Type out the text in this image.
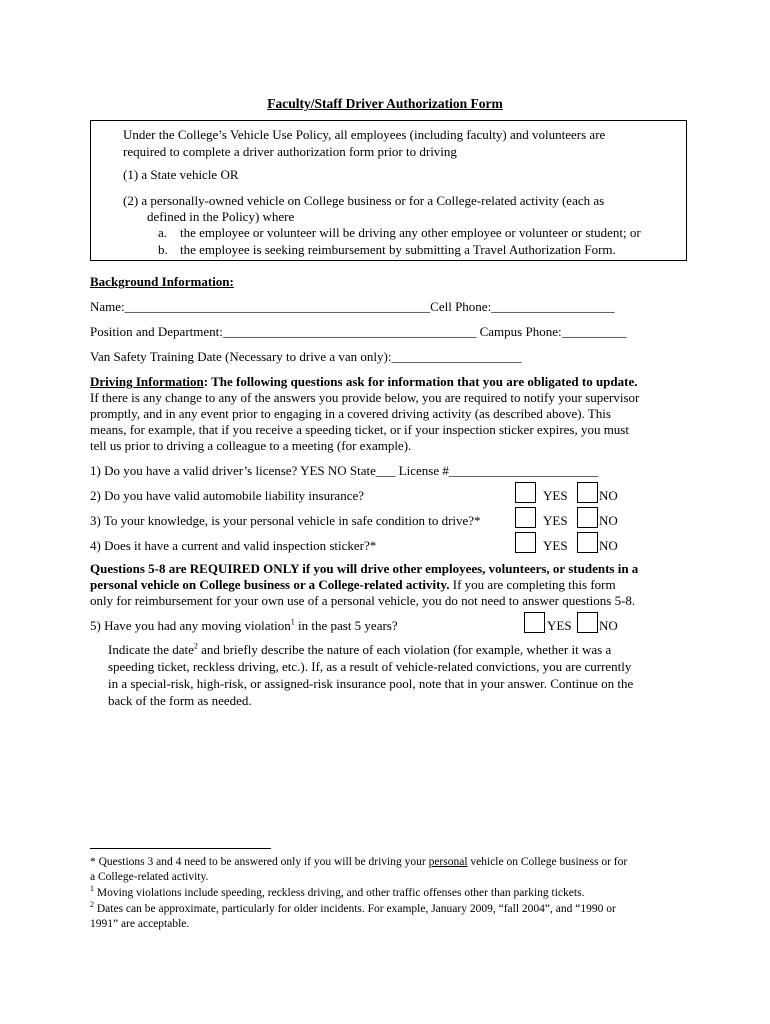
Faculty/Staff Driver Authorization Form
Under the College’s Vehicle Use Policy, all employees (including faculty) and volunteers are
required to complete a driver authorization form prior to driving
(1) a State vehicle OR
(2) a personally-owned vehicle on College business or for a College-related activity (each as
defined in the Policy) where
a. the employee or volunteer will be driving any other employee or volunteer or student; or
b. the employee is seeking reimbursement by submitting a Travel Authorization Form.
Background Information:
Name:_______________________________________________Cell Phone:___________________
Position and Department:_______________________________________ Campus Phone:__________
Van Safety Training Date (Necessary to drive a van only):____________________
Driving Information: The following questions ask for information that you are obligated to update.
If there is any change to any of the answers you provide below, you are required to notify your supervisor
promptly, and in any event prior to engaging in a covered driving activity (as described above). This
means, for example, that if you receive a speeding ticket, or if your inspection sticker expires, you must
tell us prior to driving a colleague to a meeting (for example).
1) Do you have a valid driver’s license? YES NO State___ License #_______________________
2) Do you have valid automobile liability insurance?	YES NO
3) To your knowledge, is your personal vehicle in safe condition to drive?*	YES NO
4) Does it have a current and valid inspection sticker?*	YES NO
Questions 5-8 are REQUIRED ONLY if you will drive other employees, volunteers, or students in a
personal vehicle on College business or a College-related activity. If you are completing this form
only for reimbursement for your own use of a personal vehicle, you do not need to answer questions 5-8.
5) Have you had any moving violation$^1$ in the past 5 years?	YES NO
Indicate the date$^2$ and briefly describe the nature of each violation (for example, whether it was a
speeding ticket, reckless driving, etc.). If, as a result of vehicle-related convictions, you are currently
in a special-risk, high-risk, or assigned-risk insurance pool, note that in your answer. Continue on the
back of the form as needed.
* Questions 3 and 4 need to be answered only if you will be driving your personal vehicle on College business or for
a College-related activity.
$^1$ Moving violations include speeding, reckless driving, and other traffic offenses other than parking tickets.
$^2$ Dates can be approximate, particularly for older incidents. For example, January 2009, “fall 2004”, and “1990 or
1991” are acceptable.
